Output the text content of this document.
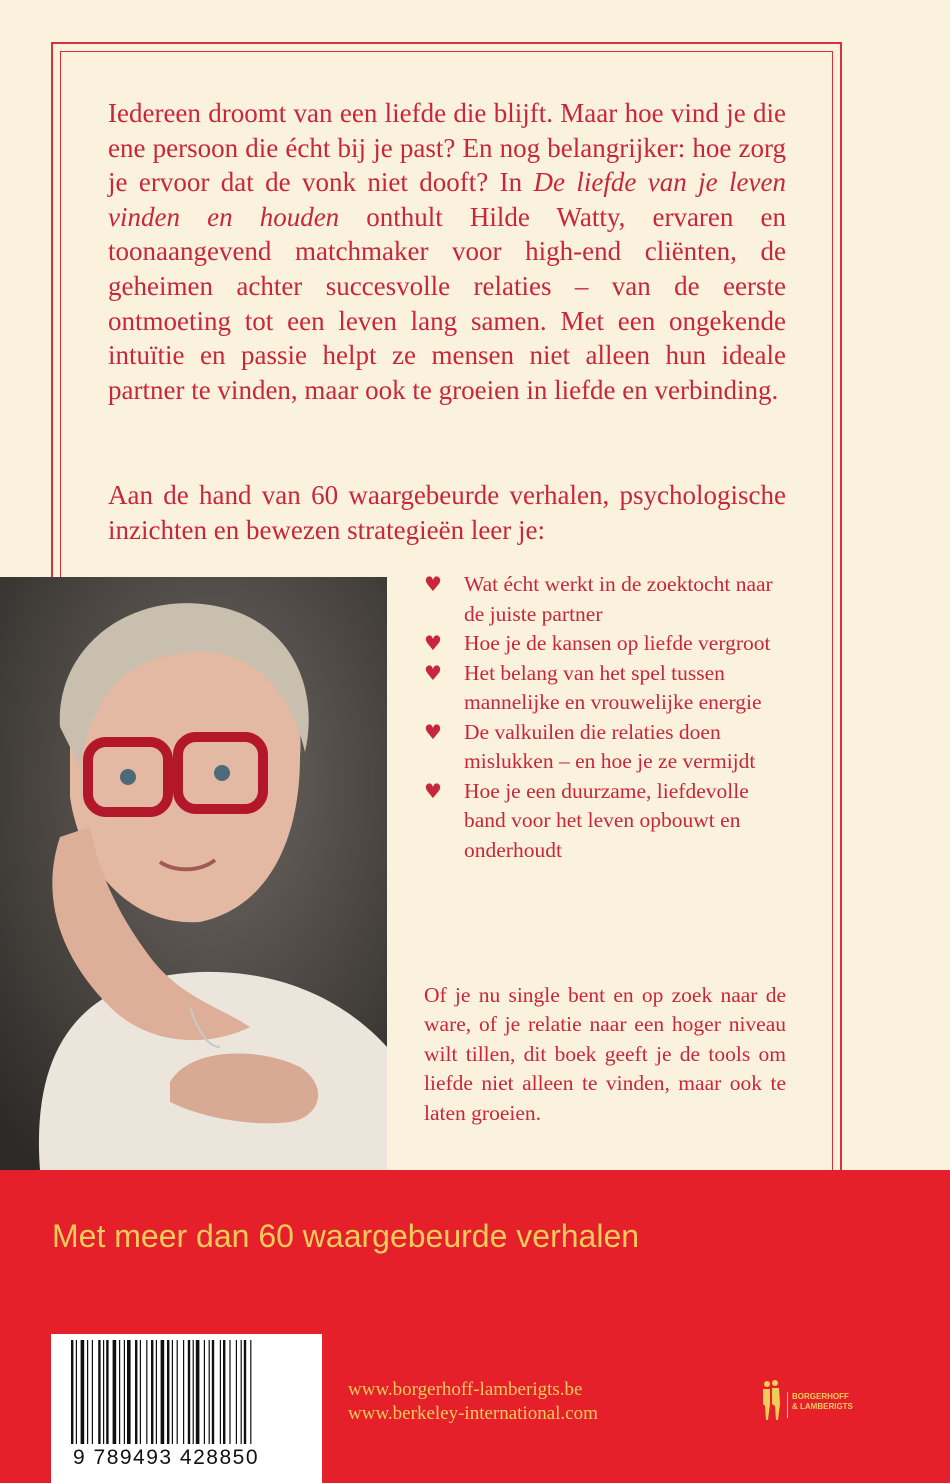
Iedereen droomt van een liefde die blijft. Maar hoe vind je die ene persoon die écht bij je past? En nog belangrijker: hoe zorg je ervoor dat de vonk niet dooft? In De liefde van je leven vinden en houden onthult Hilde Watty, ervaren en toonaangevend matchmaker voor high-end cliënten, de geheimen achter succesvolle relaties – van de eerste ontmoeting tot een leven lang samen. Met een ongekende intuïtie en passie helpt ze mensen niet alleen hun ideale partner te vinden, maar ook te groeien in liefde en verbinding.

Aan de hand van 60 waargebeurde verhalen, psychologische inzichten en bewezen strategieën leer je:

♥ Wat écht werkt in de zoektocht naar de juiste partner
♥ Hoe je de kansen op liefde vergroot
♥ Het belang van het spel tussen mannelijke en vrouwelijke energie
♥ De valkuilen die relaties doen mislukken – en hoe je ze vermijdt
♥ Hoe je een duurzame, liefdevolle band voor het leven opbouwt en onderhoudt

Of je nu single bent en op zoek naar de ware, of je relatie naar een hoger niveau wilt tillen, dit boek geeft je de tools om liefde niet alleen te vinden, maar ook te laten groeien.

Met meer dan 60 waargebeurde verhalen

9 789493 428850

www.borgerhoff-lamberigts.be
www.berkeley-international.com

BORGERHOFF
& LAMBERIGTS
